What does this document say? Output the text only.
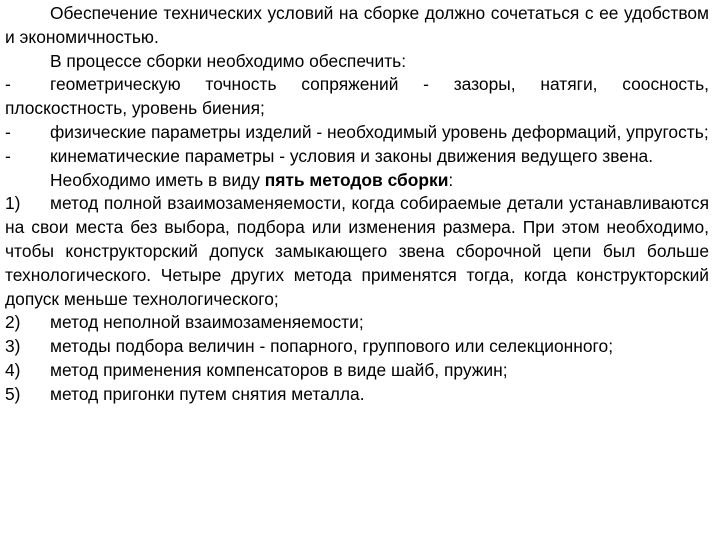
Обеспечение технических условий на сборке должно сочетаться с ее удобством и экономичностью.

В процессе сборки необходимо обеспечить:

- геометрическую точность сопряжений - зазоры, натяги, соосность, плоскостность, уровень биения;

- физические параметры изделий - необходимый уровень деформаций, упругость;

- кинематические параметры - условия и законы движения ведущего звена.

Необходимо иметь в виду пять методов сборки:

1) метод полной взаимозаменяемости, когда собираемые детали устанавливаются на свои места без выбора, подбора или изменения размера. При этом необходимо, чтобы конструкторский допуск замыкающего звена сборочной цепи был больше технологического. Четыре других метода применятся тогда, когда конструкторский допуск меньше технологического;

2) метод неполной взаимозаменяемости;

3) методы подбора величин - попарного, группового или селекционного;

4) метод применения компенсаторов в виде шайб, пружин;

5) метод пригонки путем снятия металла.
